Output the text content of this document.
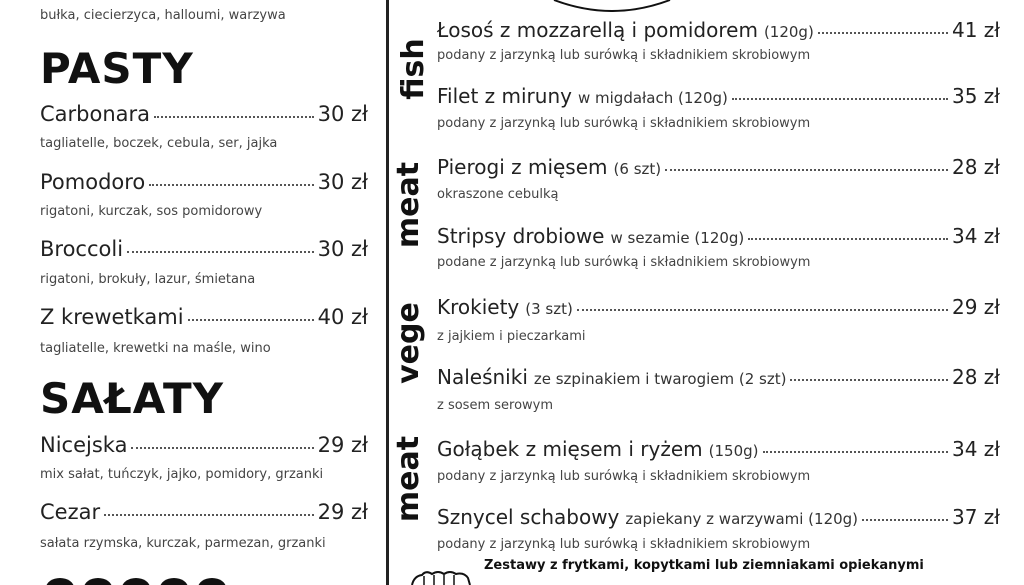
bułka, ciecierzyca, halloumi, warzywa
PASTY
Carbonara	30 zł
tagliatelle, boczek, cebula, ser, jajka
Pomodoro	30 zł
rigatoni, kurczak, sos pomidorowy
Broccoli	30 zł
rigatoni, brokuły, lazur, śmietana
Z krewetkami	40 zł
tagliatelle, krewetki na maśle, wino
SAŁATY
Nicejska	29 zł
mix sałat, tuńczyk, jajko, pomidory, grzanki
Cezar	29 zł
sałata rzymska, kurczak, parmezan, grzanki
fish
meat
vege
meat
Łosoś z mozzarellą i pomidorem (120g)	41 zł
podany z jarzynką lub surówką i składnikiem skrobiowym
Filet z miruny w migdałach (120g)	35 zł
podany z jarzynką lub surówką i składnikiem skrobiowym
Pierogi z mięsem (6 szt)	28 zł
okraszone cebulką
Stripsy drobiowe w sezamie (120g)	34 zł
podane z jarzynką lub surówką i składnikiem skrobiowym
Krokiety (3 szt)	29 zł
z jajkiem i pieczarkami
Naleśniki ze szpinakiem i twarogiem (2 szt)	28 zł
z sosem serowym
Gołąbek z mięsem i ryżem (150g)	34 zł
podany z jarzynką lub surówką i składnikiem skrobiowym
Sznycel schabowy zapiekany z warzywami (120g)	37 zł
podany z jarzynką lub surówką i składnikiem skrobiowym
Zestawy z frytkami, kopytkami lub ziemniakami opiekanymi
